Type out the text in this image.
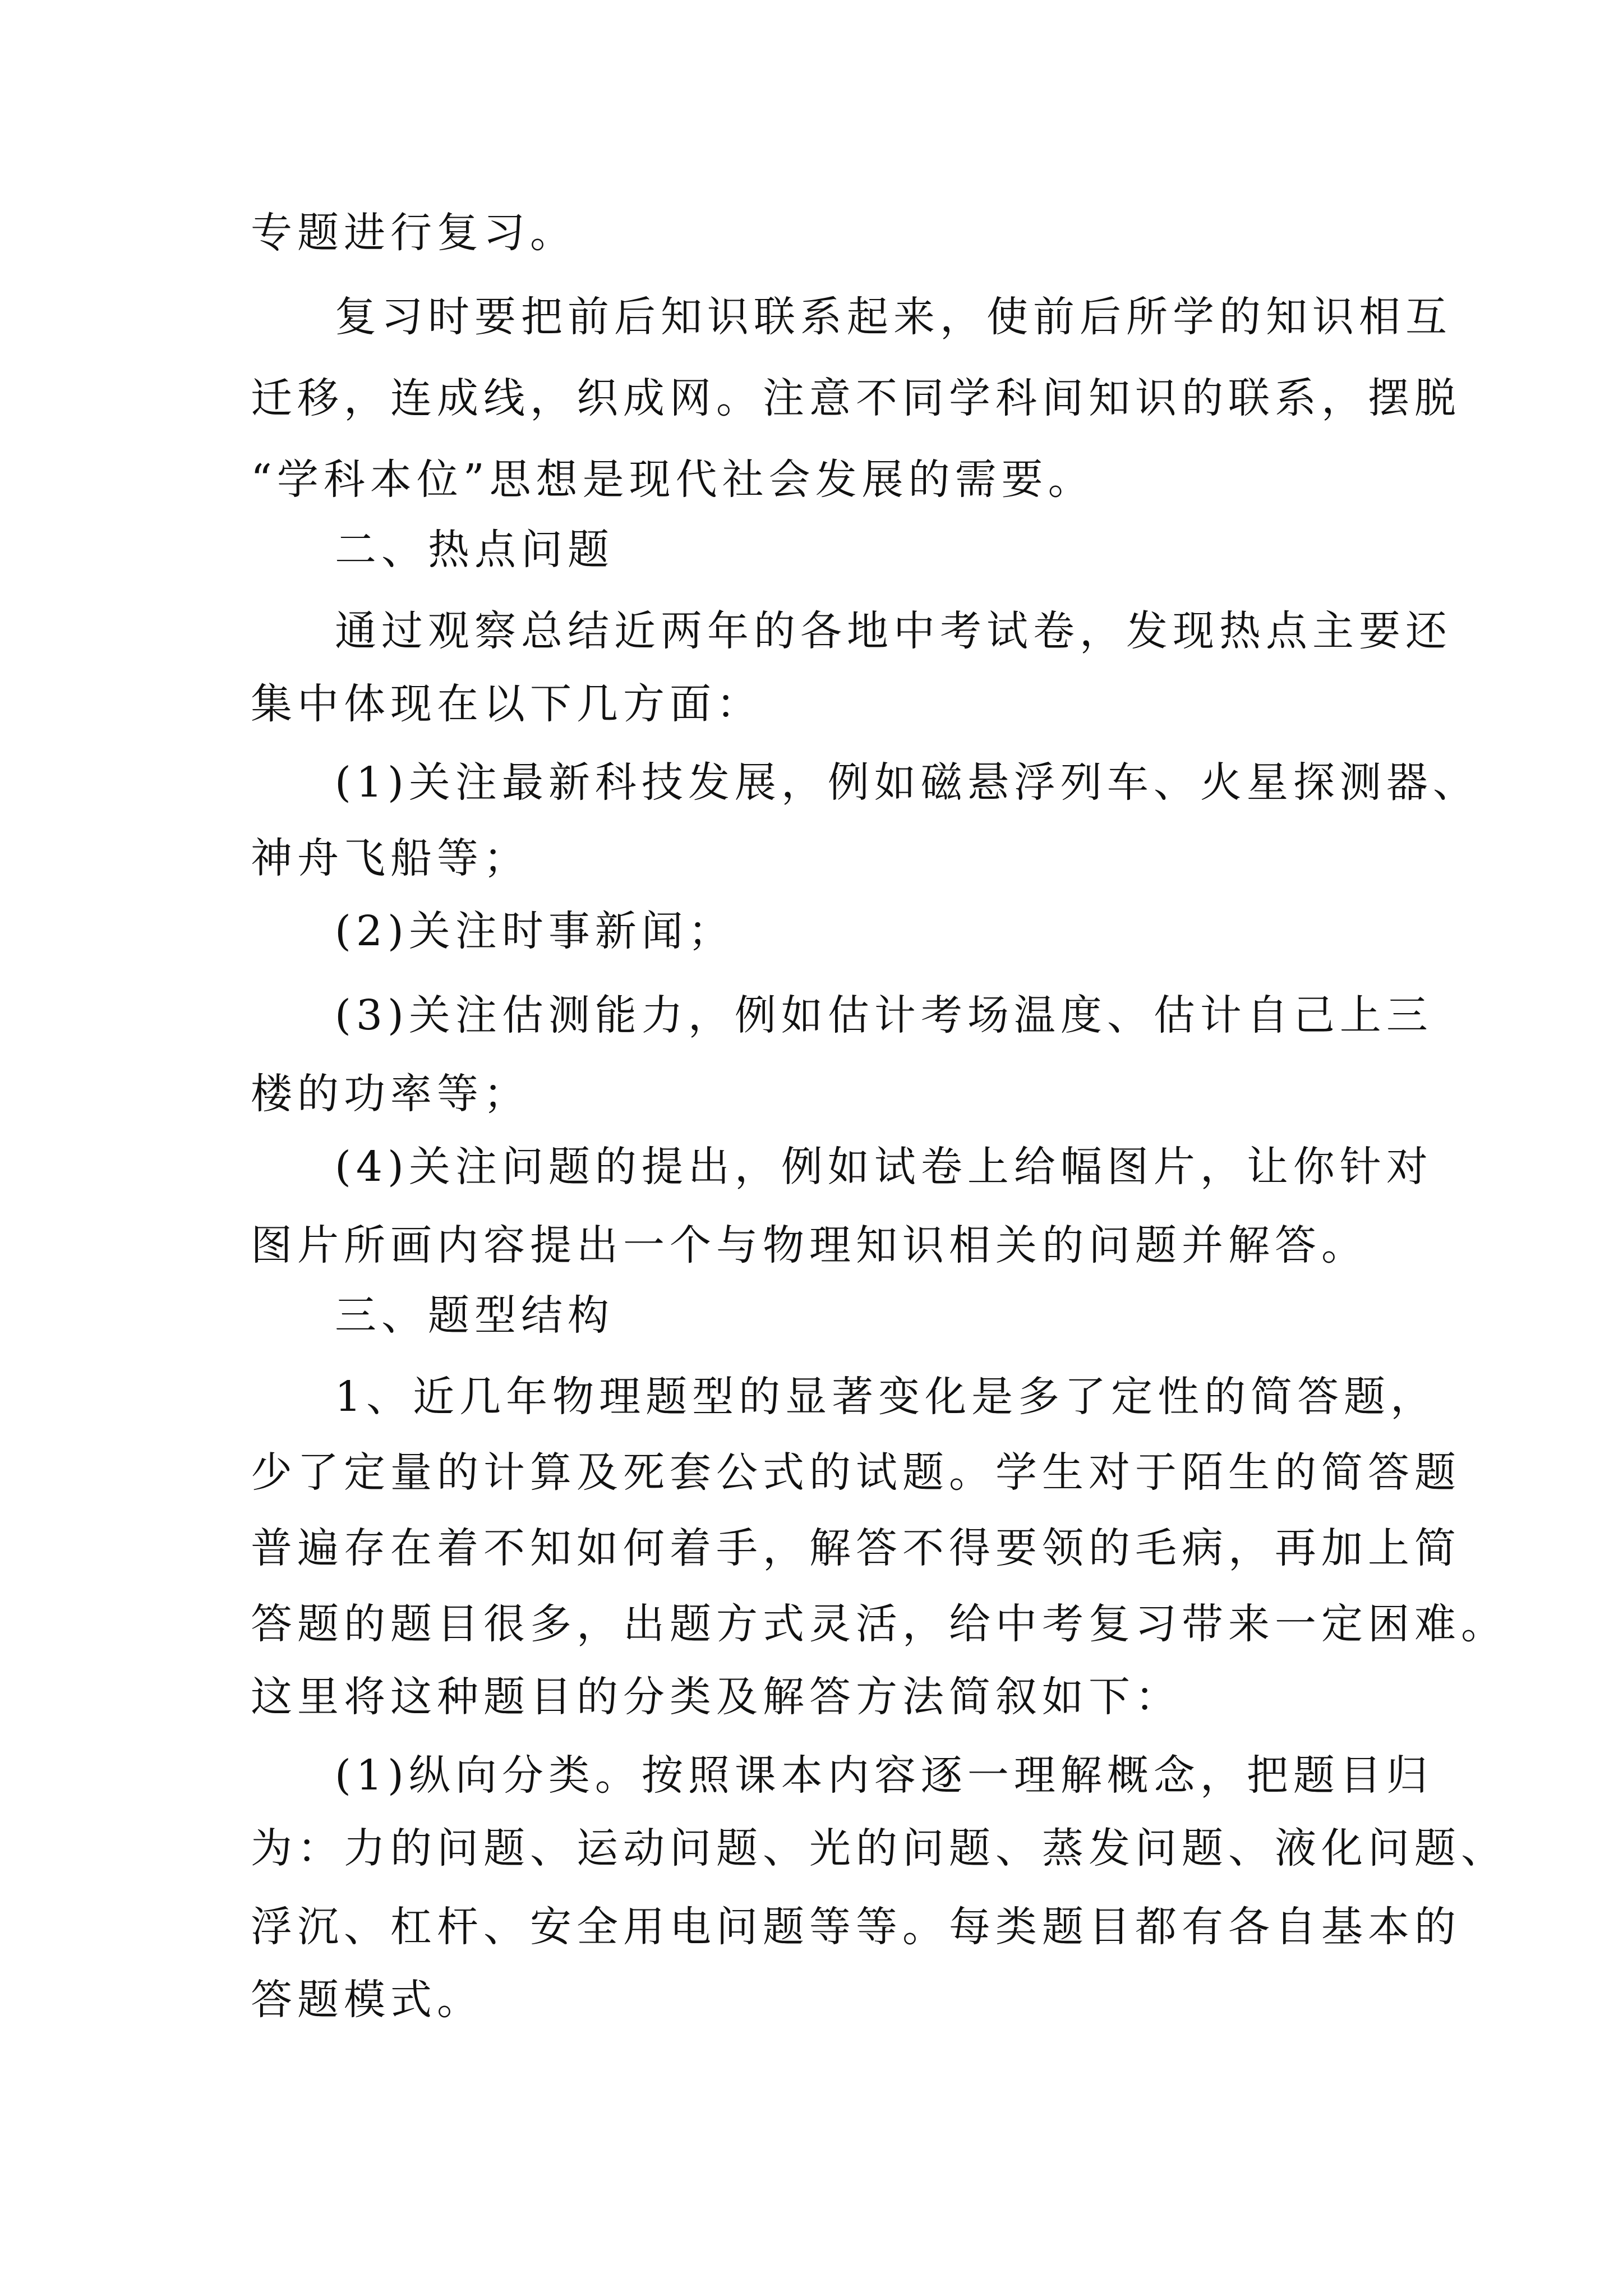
专题进行复习。

复习时要把前后知识联系起来，使前后所学的知识相互

迁移，连成线，织成网。注意不同学科间知识的联系，摆脱

“学科本位”思想是现代社会发展的需要。

二、热点问题

通过观察总结近两年的各地中考试卷，发现热点主要还

集中体现在以下几方面：

(1)关注最新科技发展，例如磁悬浮列车、火星探测器、

神舟飞船等；

(2)关注时事新闻；

(3)关注估测能力，例如估计考场温度、估计自己上三

楼的功率等；

(4)关注问题的提出，例如试卷上给幅图片，让你针对

图片所画内容提出一个与物理知识相关的问题并解答。

三、题型结构

1、近几年物理题型的显著变化是多了定性的简答题，

少了定量的计算及死套公式的试题。学生对于陌生的简答题

普遍存在着不知如何着手，解答不得要领的毛病，再加上简

答题的题目很多，出题方式灵活，给中考复习带来一定困难。

这里将这种题目的分类及解答方法简叙如下：

(1)纵向分类。按照课本内容逐一理解概念，把题目归

为：力的问题、运动问题、光的问题、蒸发问题、液化问题、

浮沉、杠杆、安全用电问题等等。每类题目都有各自基本的

答题模式。
